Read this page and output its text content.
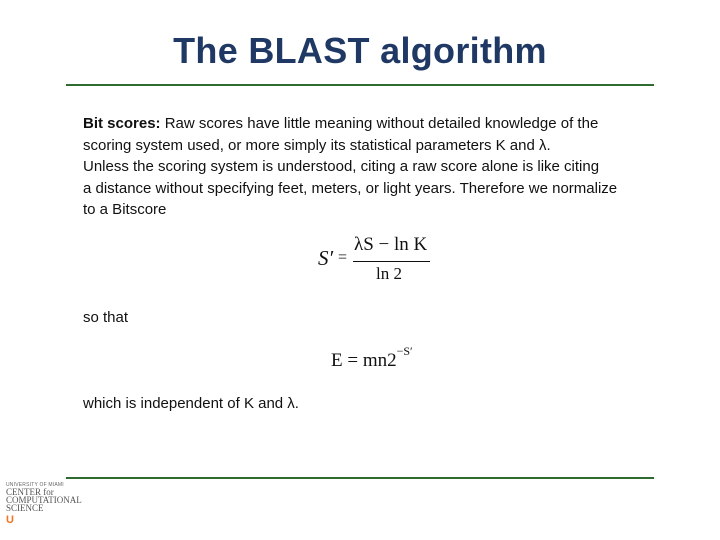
The BLAST algorithm
Bit scores: Raw scores have little meaning without detailed knowledge of the
scoring system used, or more simply its statistical parameters K and λ.
Unless the scoring system is understood, citing a raw score alone is like citing
a distance without specifying feet, meters, or light years. Therefore we normalize
to a Bitscore
S′ =
λS − ln K
ln 2
so that
$E = mn2^{-S'}$
which is independent of K and λ.
UNIVERSITY OF MIAMI
CENTER for
COMPUTATIONAL
SCIENCE
U
